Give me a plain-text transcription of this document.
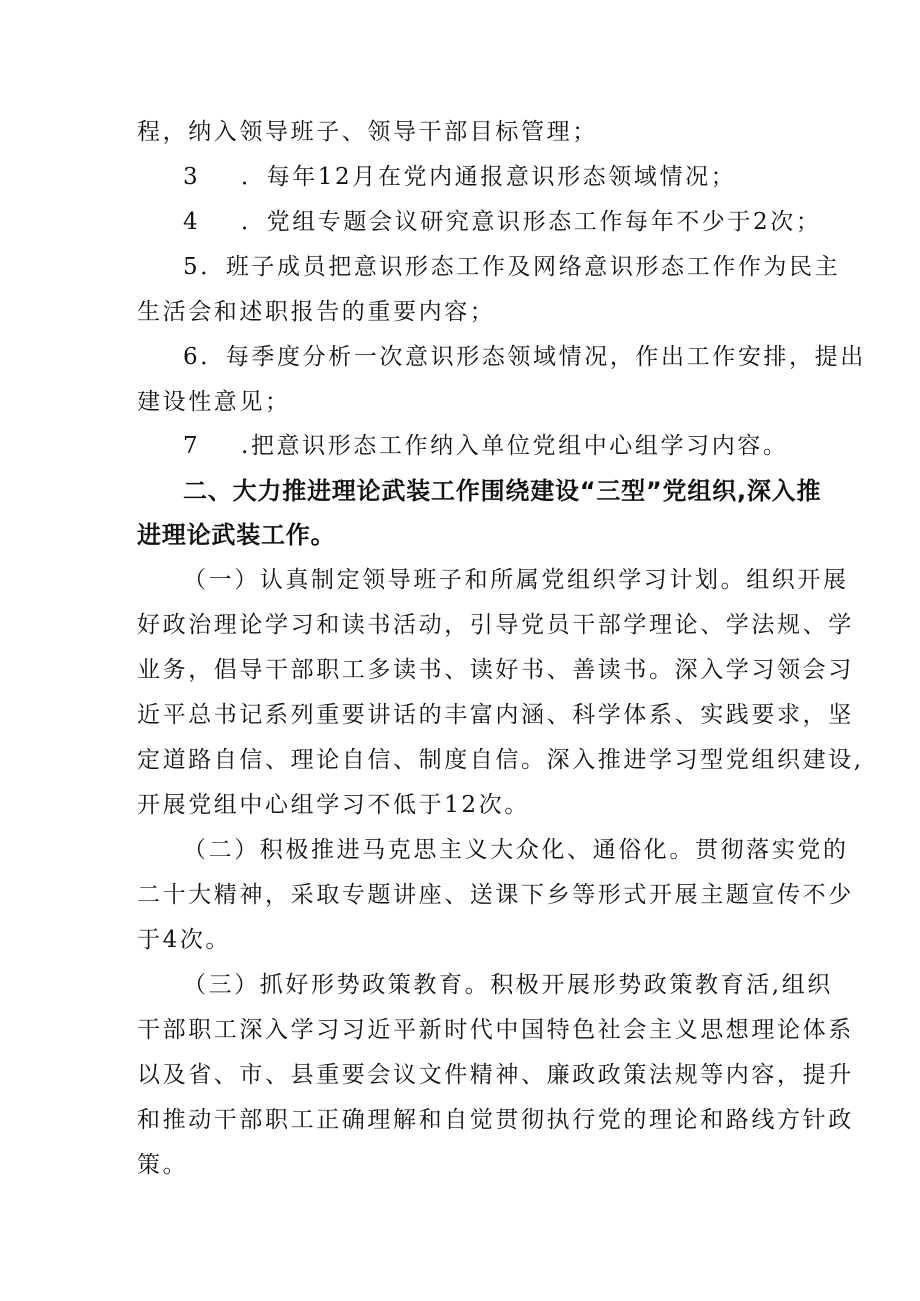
程，纳入领导班子、领导干部目标管理；
3 ．每年12月在党内通报意识形态领域情况；
4 ．党组专题会议研究意识形态工作每年不少于2次；
5．班子成员把意识形态工作及网络意识形态工作作为民主
生活会和述职报告的重要内容；
6．每季度分析一次意识形态领域情况，作出工作安排，提出
建设性意见；
7 .把意识形态工作纳入单位党组中心组学习内容。
二、大力推进理论武装工作围绕建设“三型”党组织,深入推
进理论武装工作。
（一）认真制定领导班子和所属党组织学习计划。组织开展
好政治理论学习和读书活动，引导党员干部学理论、学法规、学
业务，倡导干部职工多读书、读好书、善读书。深入学习领会习
近平总书记系列重要讲话的丰富内涵、科学体系、实践要求，坚
定道路自信、理论自信、制度自信。深入推进学习型党组织建设,
开展党组中心组学习不低于12次。
（二）积极推进马克思主义大众化、通俗化。贯彻落实党的
二十大精神，采取专题讲座、送课下乡等形式开展主题宣传不少
于4次。
（三）抓好形势政策教育。积极开展形势政策教育活,组织
干部职工深入学习习近平新时代中国特色社会主义思想理论体系
以及省、市、县重要会议文件精神、廉政政策法规等内容，提升
和推动干部职工正确理解和自觉贯彻执行党的理论和路线方针政
策。
